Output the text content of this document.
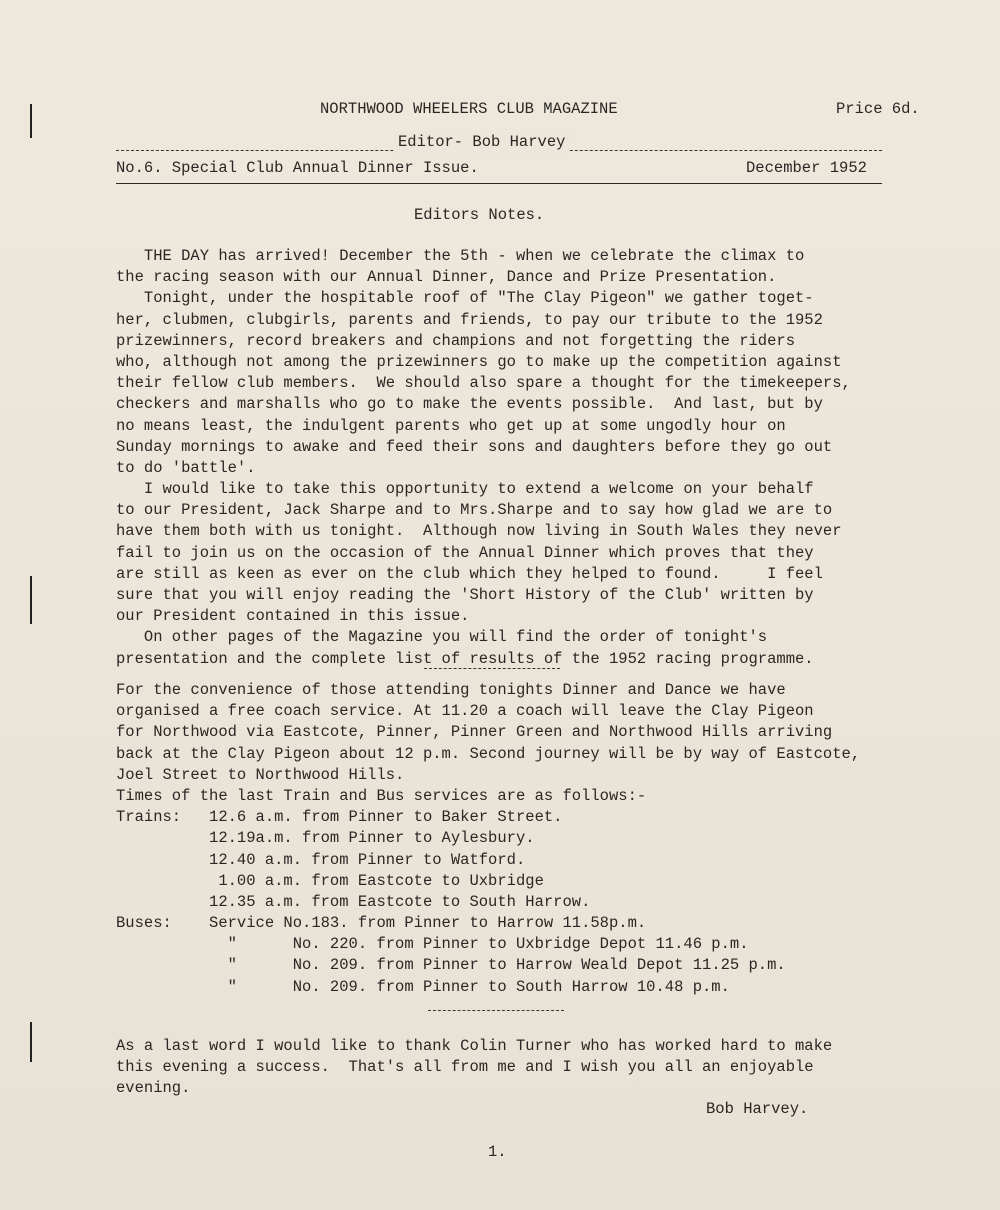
NORTHWOOD WHEELERS CLUB MAGAZINE	Price 6d.
Editor- Bob Harvey
No.6. Special Club Annual Dinner Issue.	December 1952
Editors Notes.
THE DAY has arrived! December the 5th - when we celebrate the climax to
the racing season with our Annual Dinner, Dance and Prize Presentation.
Tonight, under the hospitable roof of "The Clay Pigeon" we gather toget-
her, clubmen, clubgirls, parents and friends, to pay our tribute to the 1952
prizewinners, record breakers and champions and not forgetting the riders
who, although not among the prizewinners go to make up the competition against
their fellow club members.  We should also spare a thought for the timekeepers,
checkers and marshalls who go to make the events possible.  And last, but by
no means least, the indulgent parents who get up at some ungodly hour on
Sunday mornings to awake and feed their sons and daughters before they go out
to do 'battle'.
I would like to take this opportunity to extend a welcome on your behalf
to our President, Jack Sharpe and to Mrs.Sharpe and to say how glad we are to
have them both with us tonight.  Although now living in South Wales they never
fail to join us on the occasion of the Annual Dinner which proves that they
are still as keen as ever on the club which they helped to found.     I feel
sure that you will enjoy reading the 'Short History of the Club' written by
our President contained in this issue.
On other pages of the Magazine you will find the order of tonight's
presentation and the complete list of results of the 1952 racing programme.
For the convenience of those attending tonights Dinner and Dance we have
organised a free coach service. At 11.20 a coach will leave the Clay Pigeon
for Northwood via Eastcote, Pinner, Pinner Green and Northwood Hills arriving
back at the Clay Pigeon about 12 p.m. Second journey will be by way of Eastcote,
Joel Street to Northwood Hills.
Times of the last Train and Bus services are as follows:-
Trains:   12.6 a.m. from Pinner to Baker Street.
12.19a.m. from Pinner to Aylesbury.
12.40 a.m. from Pinner to Watford.
1.00 a.m. from Eastcote to Uxbridge
12.35 a.m. from Eastcote to South Harrow.
Buses:    Service No.183. from Pinner to Harrow 11.58p.m.
"      No. 220. from Pinner to Uxbridge Depot 11.46 p.m.
"      No. 209. from Pinner to Harrow Weald Depot 11.25 p.m.
"      No. 209. from Pinner to South Harrow 10.48 p.m.
As a last word I would like to thank Colin Turner who has worked hard to make
this evening a success.  That's all from me and I wish you all an enjoyable
evening.
Bob Harvey.
1.
